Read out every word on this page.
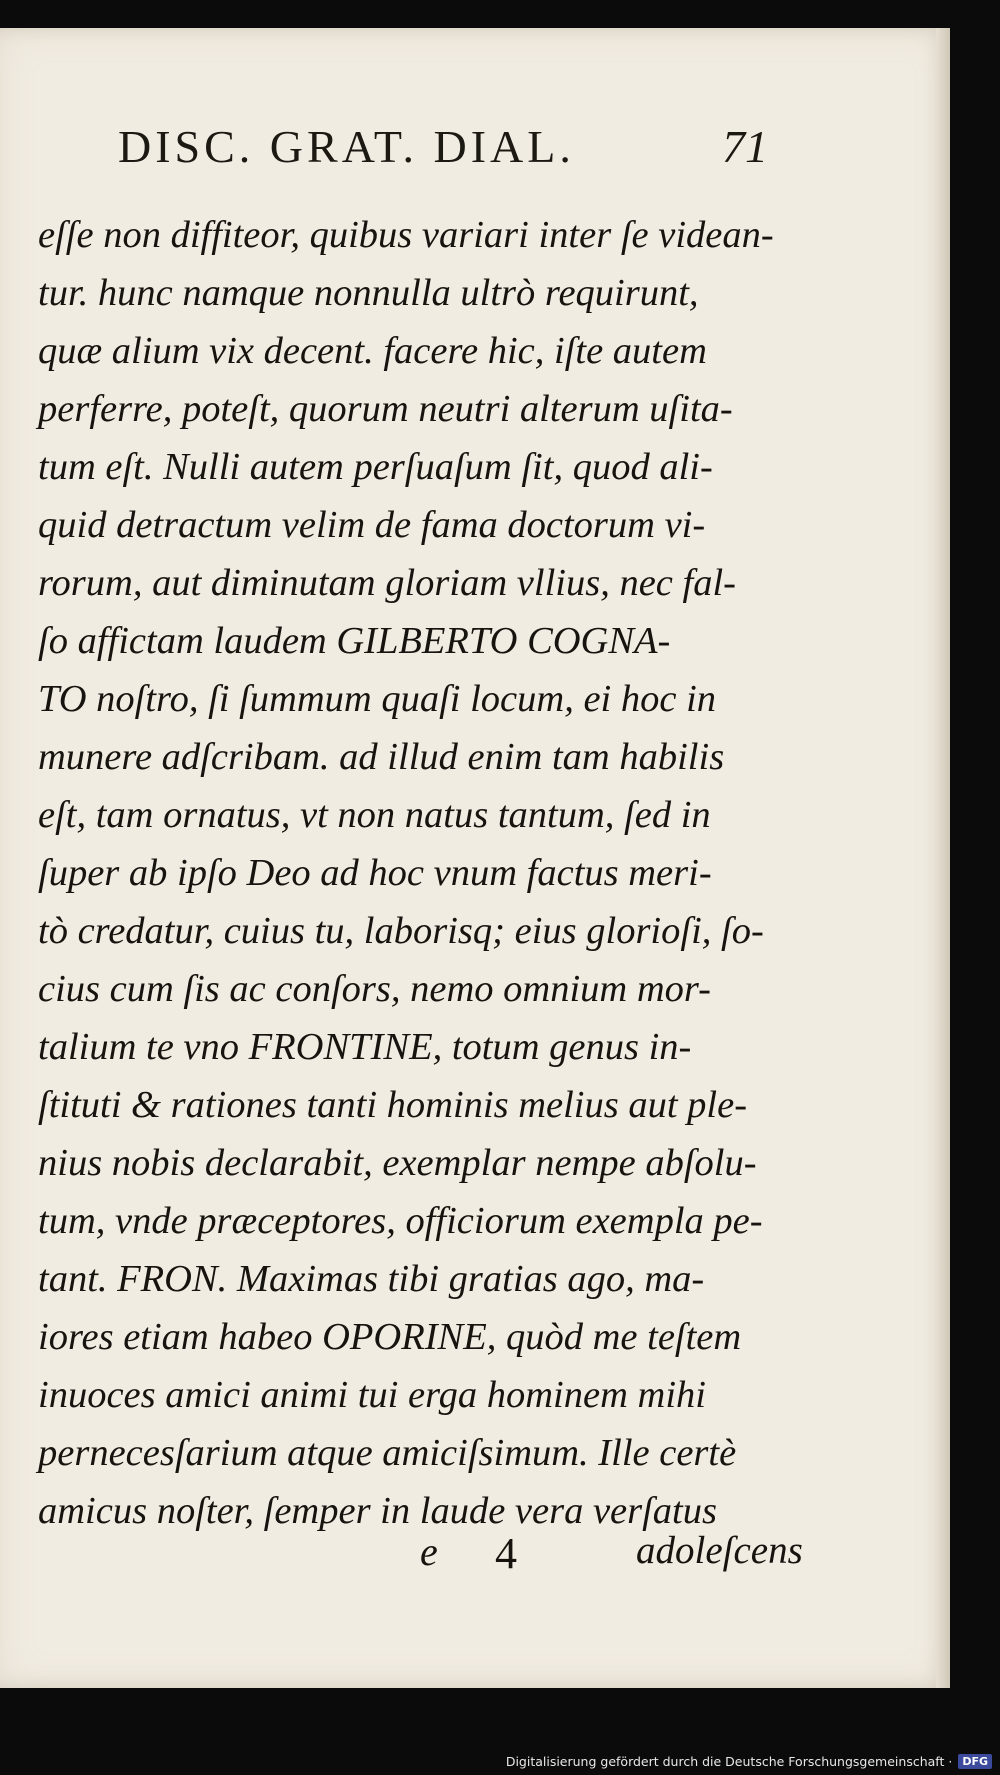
DISC. GRAT. DIAL.	71
eſſe non diffiteor, quibus variari inter ſe videan-
tur. hunc namque nonnulla ultrò requirunt,
quæ alium vix decent. facere hic, iſte autem
perferre, poteſt, quorum neutri alterum uſita-
tum eſt. Nulli autem perſuaſum ſit, quod ali-
quid detractum velim de fama doctorum vi-
rorum, aut diminutam gloriam vllius, nec fal-
ſo affictam laudem GILBERTO COGNA-
TO noſtro, ſi ſummum quaſi locum, ei hoc in
munere adſcribam. ad illud enim tam habilis
eſt, tam ornatus, vt non natus tantum, ſed in
ſuper ab ipſo Deo ad hoc vnum factus meri-
tò credatur, cuius tu, laborisq; eius glorioſi, ſo-
cius cum ſis ac conſors, nemo omnium mor-
talium te vno FRONTINE, totum genus in-
ſtituti & rationes tanti hominis melius aut ple-
nius nobis declarabit, exemplar nempe abſolu-
tum, vnde præceptores, officiorum exempla pe-
tant. FRON. Maximas tibi gratias ago, ma-
iores etiam habeo OPORINE, quòd me teſtem
inuoces amici animi tui erga hominem mihi
pernecesſarium atque amiciſsimum. Ille certè
amicus noſter, ſemper in laude vera verſatus
e 4	adoleſcens
Digitalisierung gefördert durch die Deutsche Forschungsgemeinschaft · DFG
